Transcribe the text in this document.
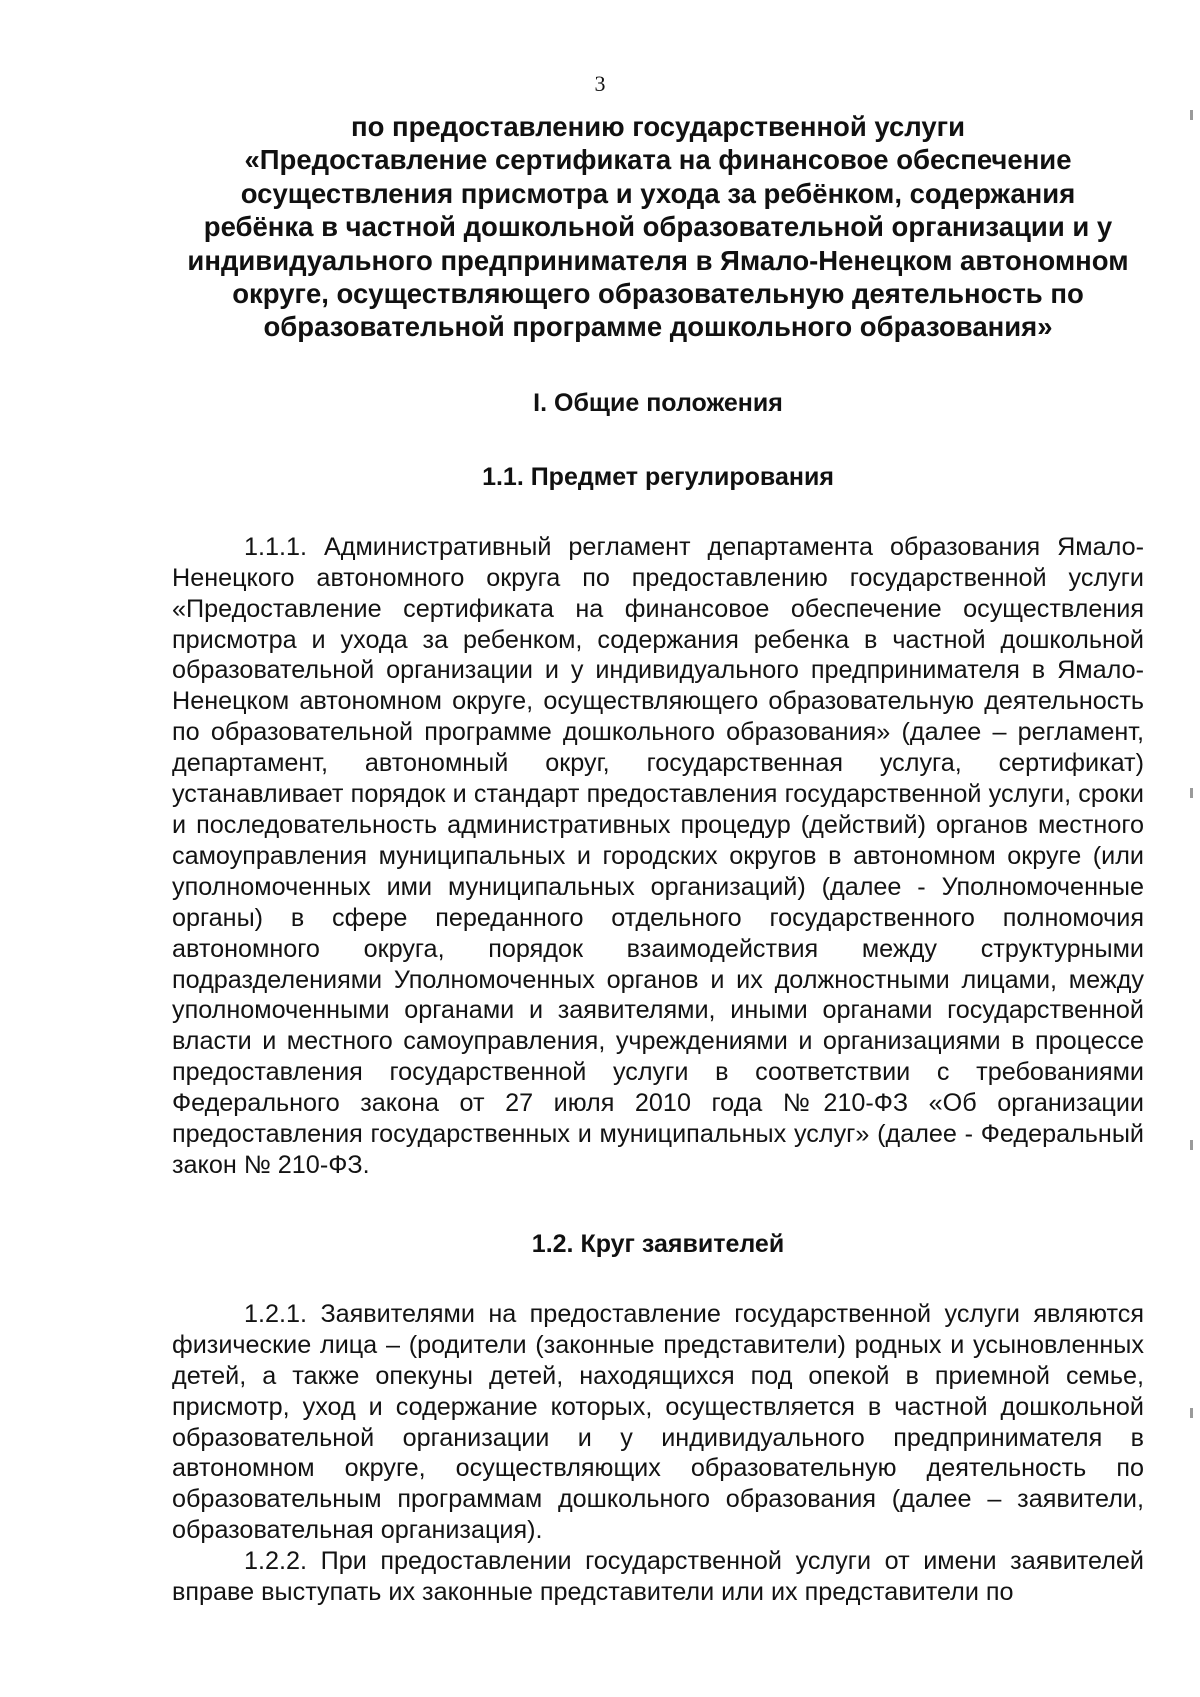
3
по предоставлению государственной услуги
«Предоставление сертификата на финансовое обеспечение
осуществления присмотра и ухода за ребёнком, содержания
ребёнка в частной дошкольной образовательной организации и у
индивидуального предпринимателя в Ямало-Ненецком автономном
округе, осуществляющего образовательную деятельность по
образовательной программе дошкольного образования»
I. Общие положения
1.1. Предмет регулирования

1.1.1. Административный регламент департамента образования Ямало-Ненецкого автономного округа по предоставлению государственной услуги «Предоставление сертификата на финансовое обеспечение осуществления присмотра и ухода за ребенком, содержания ребенка в частной дошкольной образовательной организации и у индивидуального предпринимателя в Ямало-Ненецком автономном округе, осуществляющего образовательную деятельность по образовательной программе дошкольного образования» (далее – регламент, департамент, автономный округ, государственная услуга, сертификат) устанавливает порядок и стандарт предоставления государственной услуги, сроки и последовательность административных процедур (действий) органов местного самоуправления муниципальных и городских округов в автономном округе (или уполномоченных ими муниципальных организаций) (далее - Уполномоченные органы) в сфере переданного отдельного государственного полномочия автономного округа, порядок взаимодействия между структурными подразделениями Уполномоченных органов и их должностными лицами, между уполномоченными органами и заявителями, иными органами государственной власти и местного самоуправления, учреждениями и организациями в процессе предоставления государственной услуги в соответствии с требованиями Федерального закона от 27 июля 2010 года №210-ФЗ «Об организации предоставления государственных и муниципальных услуг» (далее - Федеральный закон № 210-ФЗ.

1.2. Круг заявителей

1.2.1. Заявителями на предоставление государственной услуги являются физические лица – (родители (законные представители) родных и усыновленных детей, а также опекуны детей, находящихся под опекой в приемной семье, присмотр, уход и содержание которых, осуществляется в частной дошкольной образовательной организации и у индивидуального предпринимателя в автономном округе, осуществляющих образовательную деятельность по образовательным программам дошкольного образования (далее – заявители, образовательная организация).

1.2.2. При предоставлении государственной услуги от имени заявителей вправе выступать их законные представители или их представители по
